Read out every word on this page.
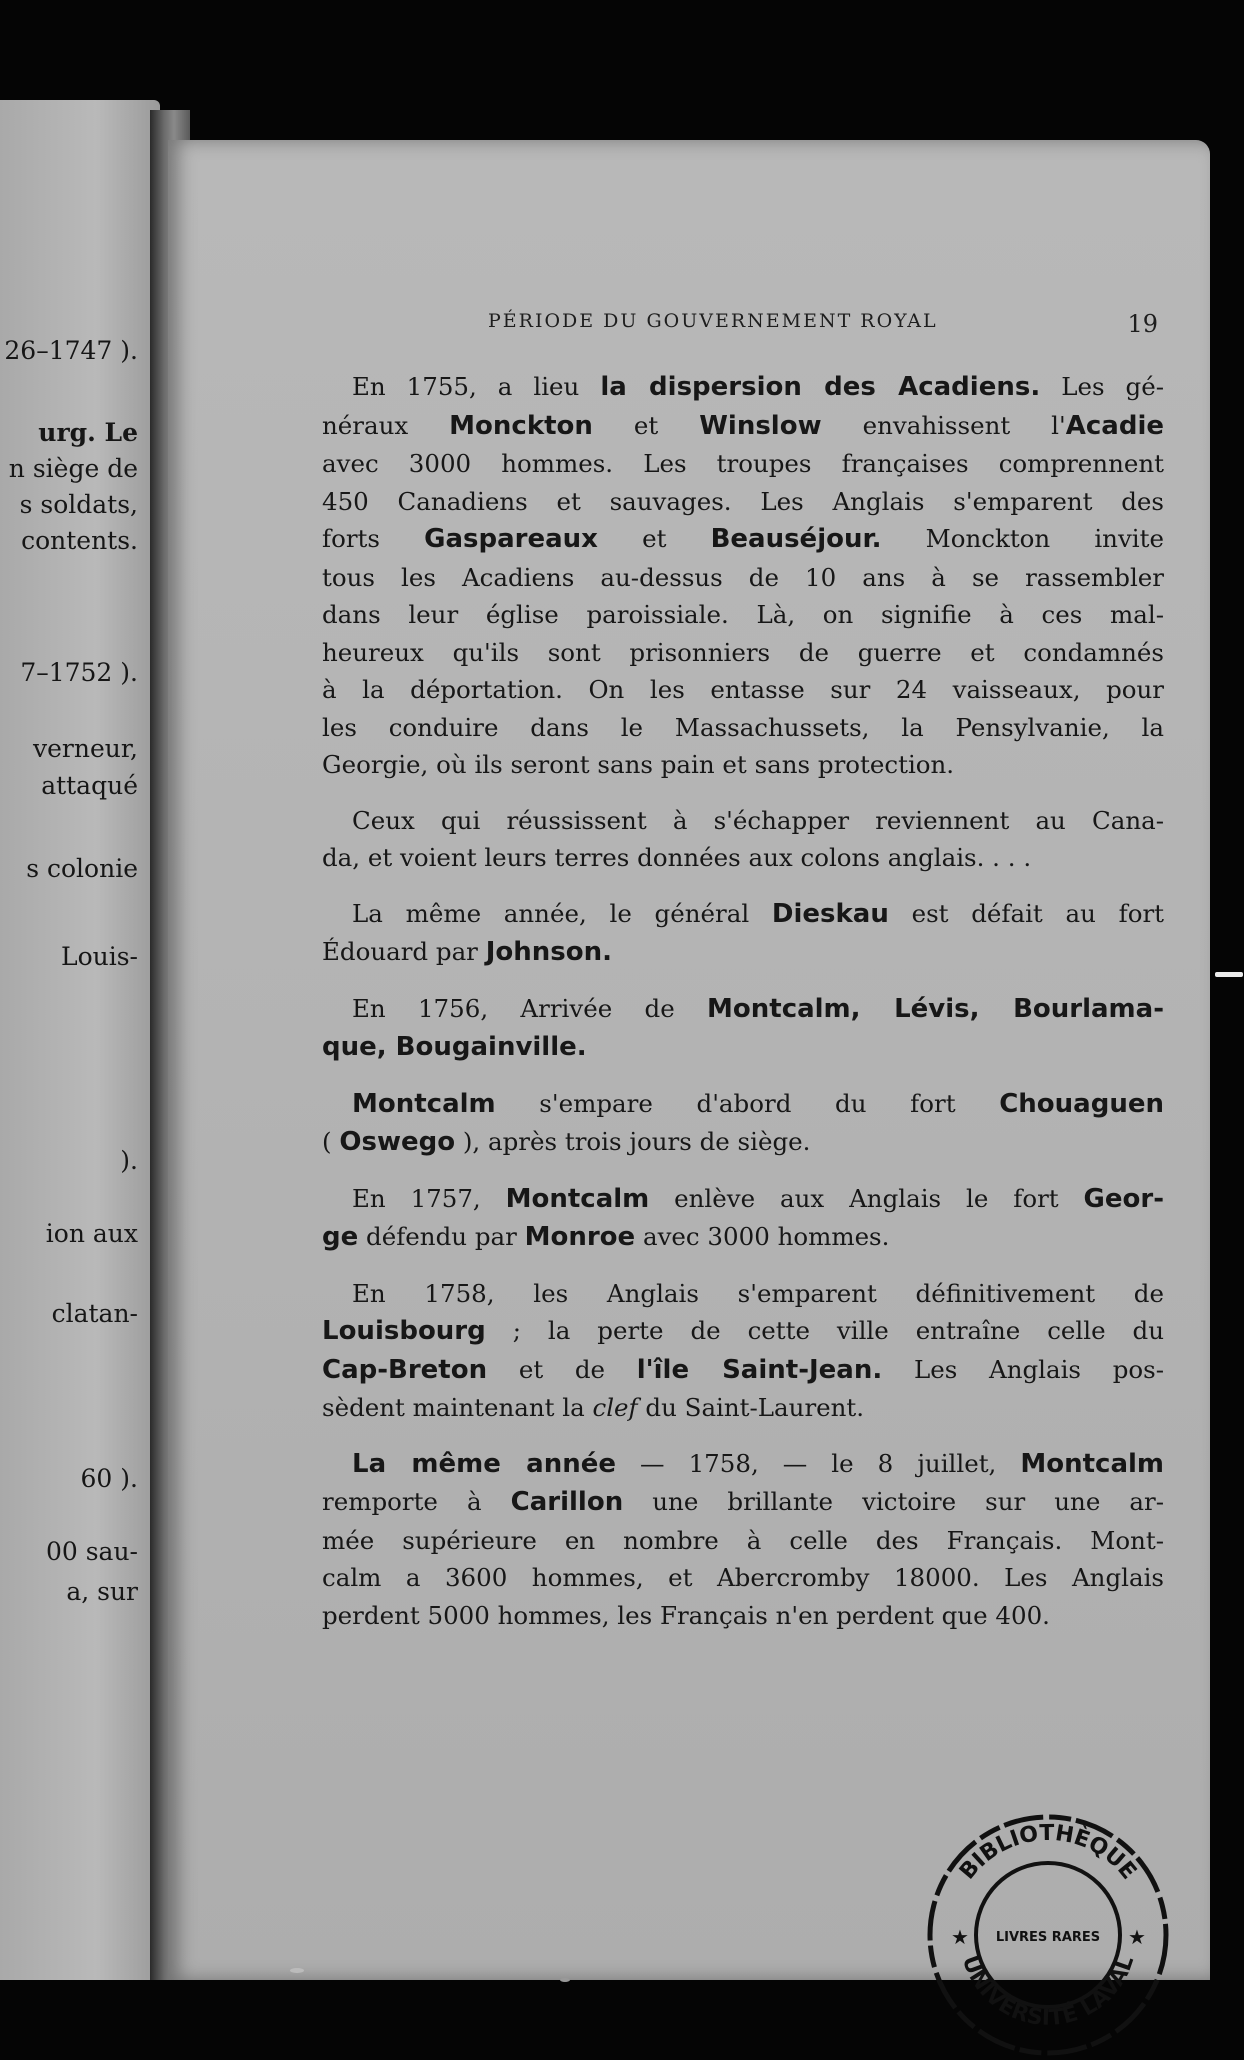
26–1747 ).
urg. Le
n siège de
s soldats,
contents.
7–1752 ).
verneur,
attaqué
s colonie
Louis-
).
ion aux
clatan-
60 ).
00 sau-
a, sur
PÉRIODE DU GOUVERNEMENT ROYAL	19
En 1755, a lieu la dispersion des Acadiens. Les gé-
néraux Monckton et Winslow envahissent l'Acadie
avec 3000 hommes. Les troupes françaises comprennent
450 Canadiens et sauvages. Les Anglais s'emparent des
forts Gaspareaux et Beauséjour. Monckton invite
tous les Acadiens au-dessus de 10 ans à se rassembler
dans leur église paroissiale. Là, on signifie à ces mal-
heureux qu'ils sont prisonniers de guerre et condamnés
à la déportation. On les entasse sur 24 vaisseaux, pour
les conduire dans le Massachussets, la Pensylvanie, la
Georgie, où ils seront sans pain et sans protection.
Ceux qui réussissent à s'échapper reviennent au Cana-
da, et voient leurs terres données aux colons anglais. . . .
La même année, le général Dieskau est défait au fort
Édouard par Johnson.
En 1756, Arrivée de Montcalm, Lévis, Bourlama-
que, Bougainville.
Montcalm s'empare d'abord du fort Chouaguen
( Oswego ), après trois jours de siège.
En 1757, Montcalm enlève aux Anglais le fort Geor-
ge défendu par Monroe avec 3000 hommes.
En 1758, les Anglais s'emparent définitivement de
Louisbourg ; la perte de cette ville entraîne celle du
Cap-Breton et de l'île Saint-Jean. Les Anglais pos-
sèdent maintenant la clef du Saint-Laurent.
La même année — 1758, — le 8 juillet, Montcalm
remporte à Carillon une brillante victoire sur une ar-
mée supérieure en nombre à celle des Français. Mont-
calm a 3600 hommes, et Abercromby 18000. Les Anglais
perdent 5000 hommes, les Français n'en perdent que 400.
BIBLIOTHÈQUE
UNIVERSITÉ LAVAL
LIVRES RARES
★	★
